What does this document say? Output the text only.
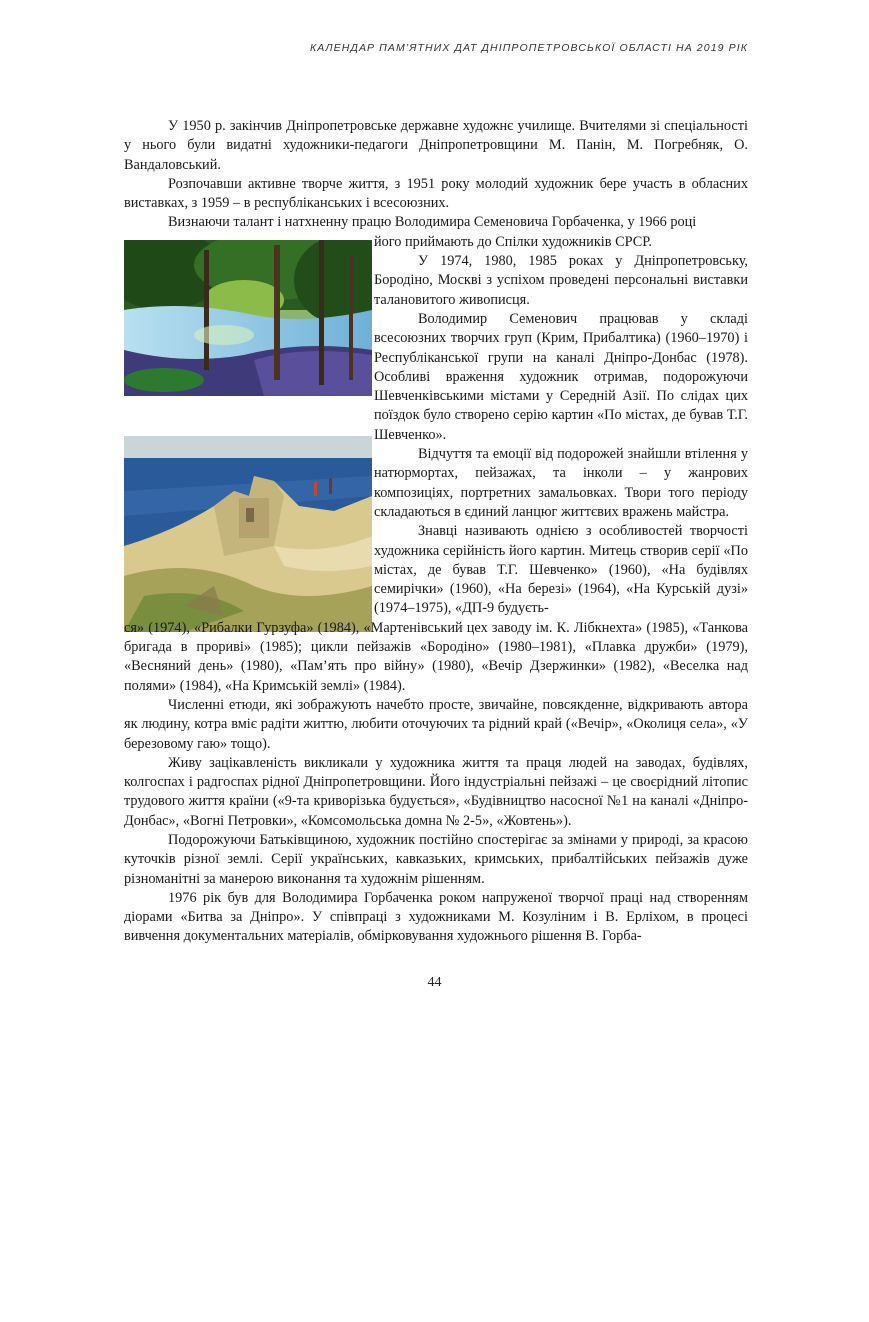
КАЛЕНДАР ПАМ’ЯТНИХ ДАТ ДНІПРОПЕТРОВСЬКОЇ ОБЛАСТІ НА 2019 РІК

У 1950 р. закінчив Дніпропетровське державне художнє училище. Вчителями зі спеціальності у нього були видатні художники-педагоги Дніпропетровщини М. Панін, М. Погребняк, О. Вандаловський.

Розпочавши активне творче життя, з 1951 року молодий художник бере участь в обласних виставках, з 1959 – в республіканських і всесоюзних.

Визнаючи талант і натхненну працю Володимира Семеновича Горбаченка, у 1966 році

його приймають до Спілки художників СРСР.

У 1974, 1980, 1985 роках у Дніпропетровську, Бородіно, Москві з успіхом проведені персональні виставки талановитого живописця.

Володимир Семенович працював у складі всесоюзних творчих груп (Крим, Прибалтика) (1960–1970) і Республіканської групи на каналі Дніпро-Донбас (1978). Особливі враження художник отримав, подорожуючи Шевченківськими містами у Середній Азії. По слідах цих поїздок було створено серію картин «По містах, де бував Т.Г. Шевченко».

Відчуття та емоції від подорожей знайшли втілення у натюрмортах, пейзажах, та інколи – у жанрових композиціях, портретних замальовках. Твори того періоду складаються в єдиний ланцюг життєвих вражень майстра.

Знавці називають однією з особливостей творчості художника серійність його картин. Митець створив серії «По містах, де бував Т.Г. Шевченко» (1960), «На будівлях семирічки» (1960), «На березі» (1964), «На Курській дузі» (1974–1975), «ДП-9 будуєть-

ся» (1974), «Рибалки Гурзуфа» (1984), «Мартенівський цех заводу ім. К. Лібкнехта» (1985), «Танкова бригада в прориві» (1985); цикли пейзажів «Бородіно» (1980–1981), «Плавка дружби» (1979), «Весняний день» (1980), «Пам’ять про війну» (1980), «Вечір Дзержинки» (1982), «Веселка над полями» (1984), «На Кримській землі» (1984).

Численні етюди, які зображують начебто просте, звичайне, повсякденне, відкривають автора як людину, котра вміє радіти життю, любити оточуючих та рідний край («Вечір», «Околиця села», «У березовому гаю» тощо).

Живу зацікавленість викликали у художника життя та праця людей на заводах, будівлях, колгоспах і радгоспах рідної Дніпропетровщини. Його індустріальні пейзажі – це своєрідний літопис трудового життя країни («9-та криворізька будується», «Будівництво насосної №1 на каналі «Дніпро-Донбас», «Вогні Петровки», «Комсомольська домна № 2-5», «Жовтень»).

Подорожуючи Батьківщиною, художник постійно спостерігає за змінами у природі, за красою куточків різної землі. Серії українських, кавказьких, кримських, прибалтійських пейзажів дуже різноманітні за манерою виконання та художнім рішенням.

1976 рік був для Володимира Горбаченка роком напруженої творчої праці над створенням діорами «Битва за Дніпро». У співпраці з художниками М. Козуліним і В. Ерліхом, в процесі вивчення документальних матеріалів, обмірковування художнього рішення В. Горба-

44
